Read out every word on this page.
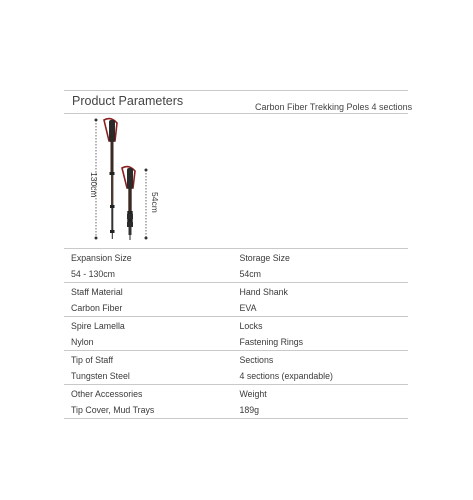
Product Parameters	Carbon Fiber Trekking Poles 4 sections
130cm
54cm
Expansion Size	Storage Size
54 - 130cm	54cm
Staff Material	Hand Shank
Carbon Fiber	EVA
Spire Lamella	Locks
Nylon	Fastening Rings
Tip of Staff	Sections
Tungsten Steel	4 sections (expandable)
Other Accessories	Weight
Tip Cover, Mud Trays	189g
